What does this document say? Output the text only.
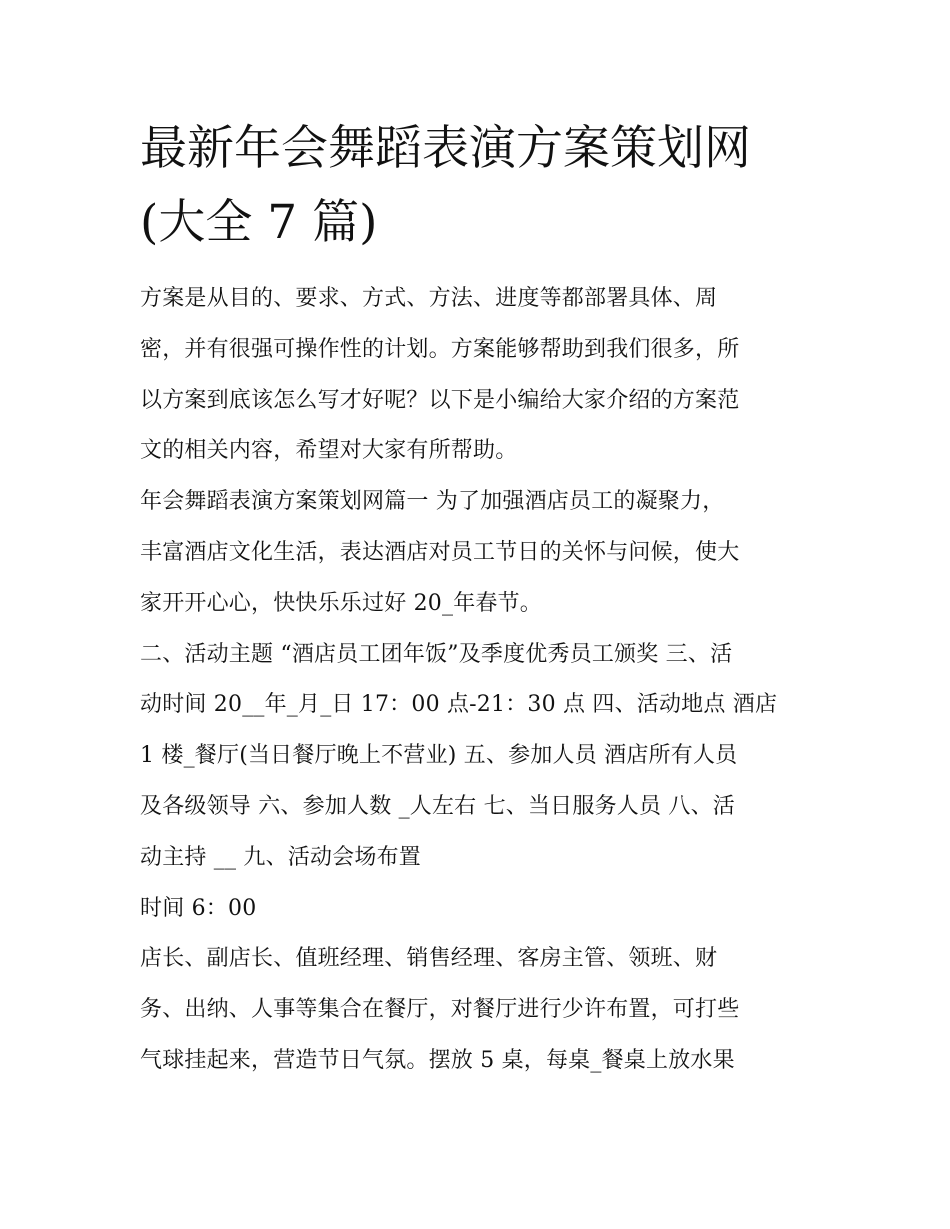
最新年会舞蹈表演方案策划网
(大全 7 篇)

方案是从目的、要求、方式、方法、进度等都部署具体、周
密，并有很强可操作性的计划。方案能够帮助到我们很多，所
以方案到底该怎么写才好呢？以下是小编给大家介绍的方案范
文的相关内容，希望对大家有所帮助。

年会舞蹈表演方案策划网篇一 为了加强酒店员工的凝聚力，
丰富酒店文化生活，表达酒店对员工节日的关怀与问候，使大
家开开心心，快快乐乐过好 20_年春节。

二、活动主题 “酒店员工团年饭”及季度优秀员工颁奖 三、活
动时间 20__年_月_日 17：00 点-21：30 点 四、活动地点 酒店
1 楼_餐厅(当日餐厅晚上不营业) 五、参加人员 酒店所有人员
及各级领导 六、参加人数 _人左右 七、当日服务人员 八、活
动主持 __ 九、活动会场布置

时间 6：00

店长、副店长、值班经理、销售经理、客房主管、领班、财
务、出纳、人事等集合在餐厅，对餐厅进行少许布置，可打些
气球挂起来，营造节日气氛。摆放 5 桌，每桌_餐桌上放水果
